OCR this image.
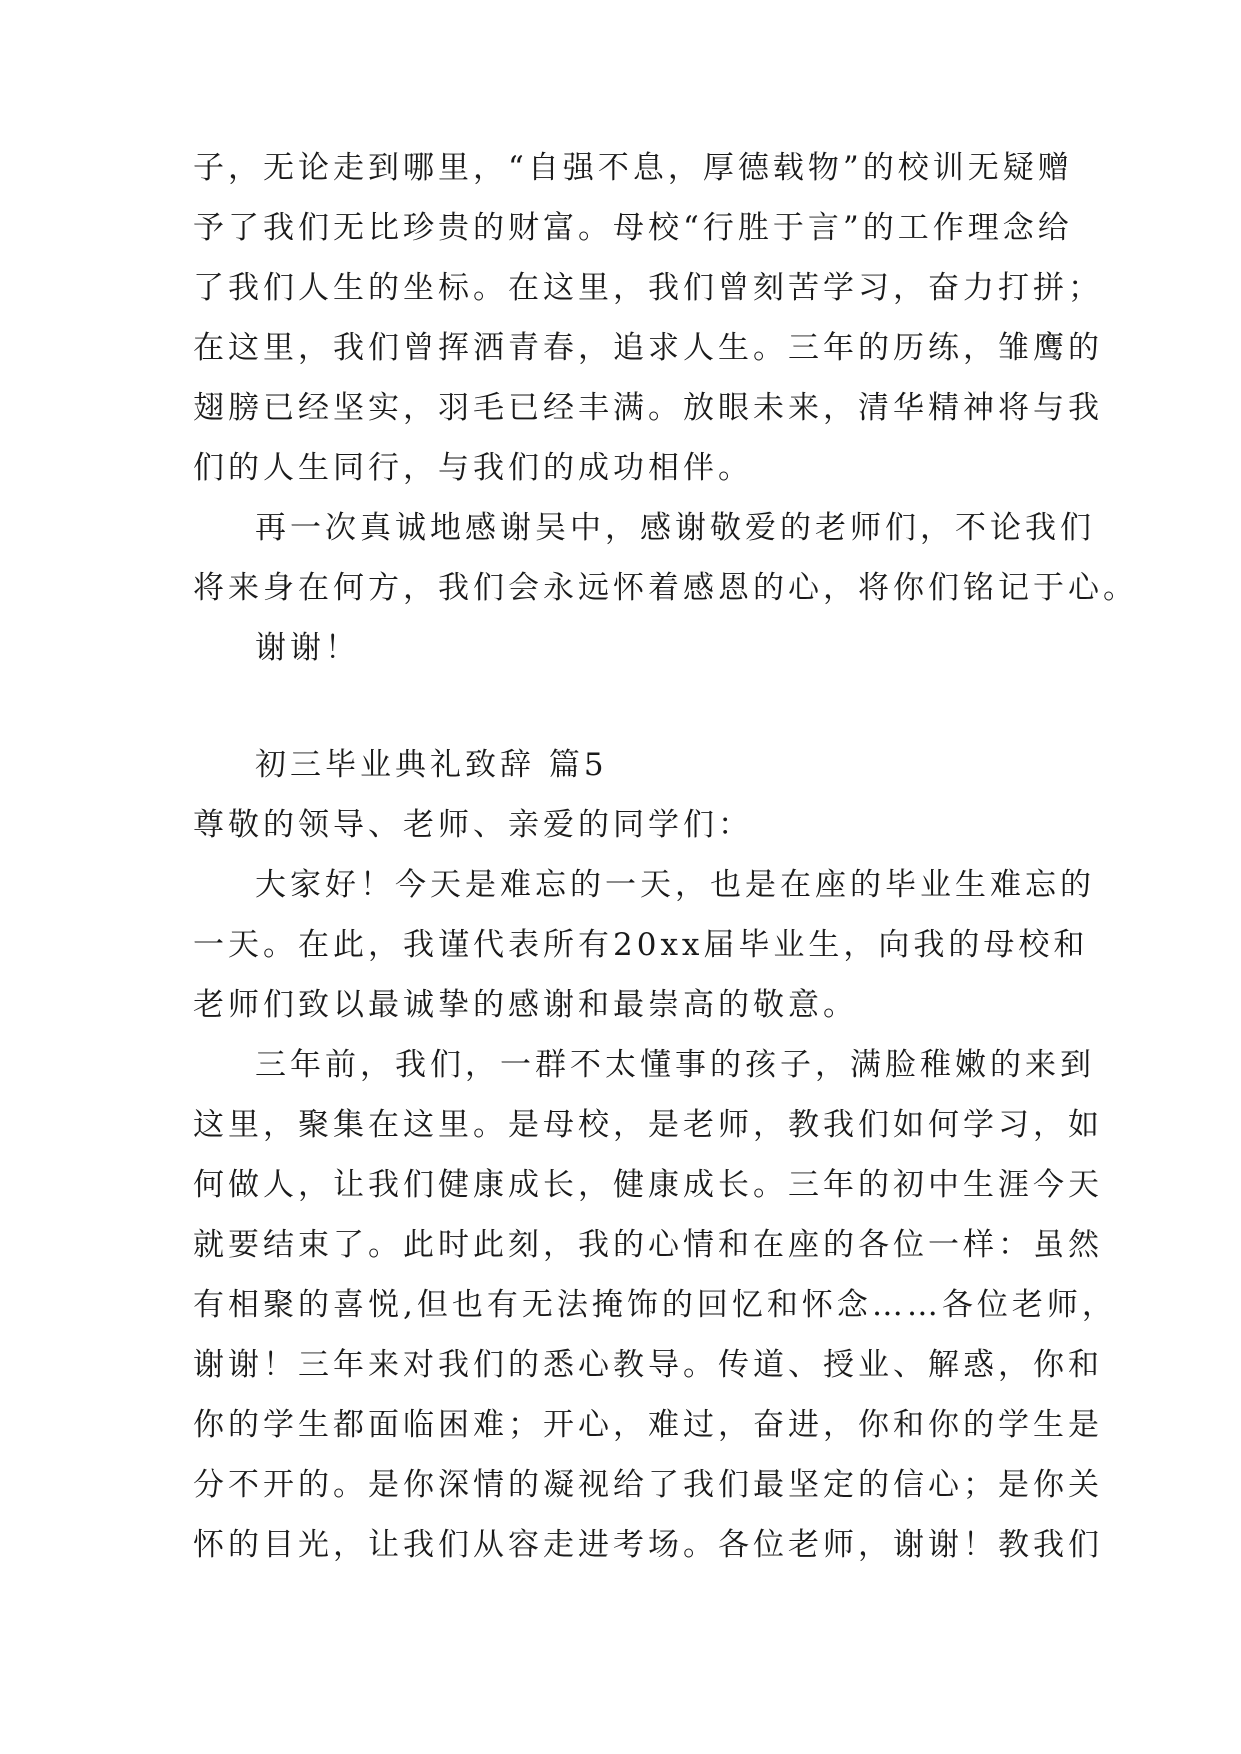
子，无论走到哪里，“自强不息，厚德载物”的校训无疑赠
予了我们无比珍贵的财富。母校“行胜于言”的工作理念给
了我们人生的坐标。在这里，我们曾刻苦学习，奋力打拼；
在这里，我们曾挥洒青春，追求人生。三年的历练，雏鹰的
翅膀已经坚实，羽毛已经丰满。放眼未来，清华精神将与我
们的人生同行，与我们的成功相伴。
再一次真诚地感谢吴中，感谢敬爱的老师们，不论我们
将来身在何方，我们会永远怀着感恩的心，将你们铭记于心。
谢谢！
初三毕业典礼致辞 篇5
尊敬的领导、老师、亲爱的同学们：
大家好！今天是难忘的一天，也是在座的毕业生难忘的
一天。在此，我谨代表所有20xx届毕业生，向我的母校和
老师们致以最诚挚的感谢和最崇高的敬意。
三年前，我们，一群不太懂事的孩子，满脸稚嫩的来到
这里，聚集在这里。是母校，是老师，教我们如何学习，如
何做人，让我们健康成长，健康成长。三年的初中生涯今天
就要结束了。此时此刻，我的心情和在座的各位一样：虽然
有相聚的喜悦,但也有无法掩饰的回忆和怀念……各位老师，
谢谢！三年来对我们的悉心教导。传道、授业、解惑，你和
你的学生都面临困难；开心，难过，奋进，你和你的学生是
分不开的。是你深情的凝视给了我们最坚定的信心；是你关
怀的目光，让我们从容走进考场。各位老师，谢谢！教我们
